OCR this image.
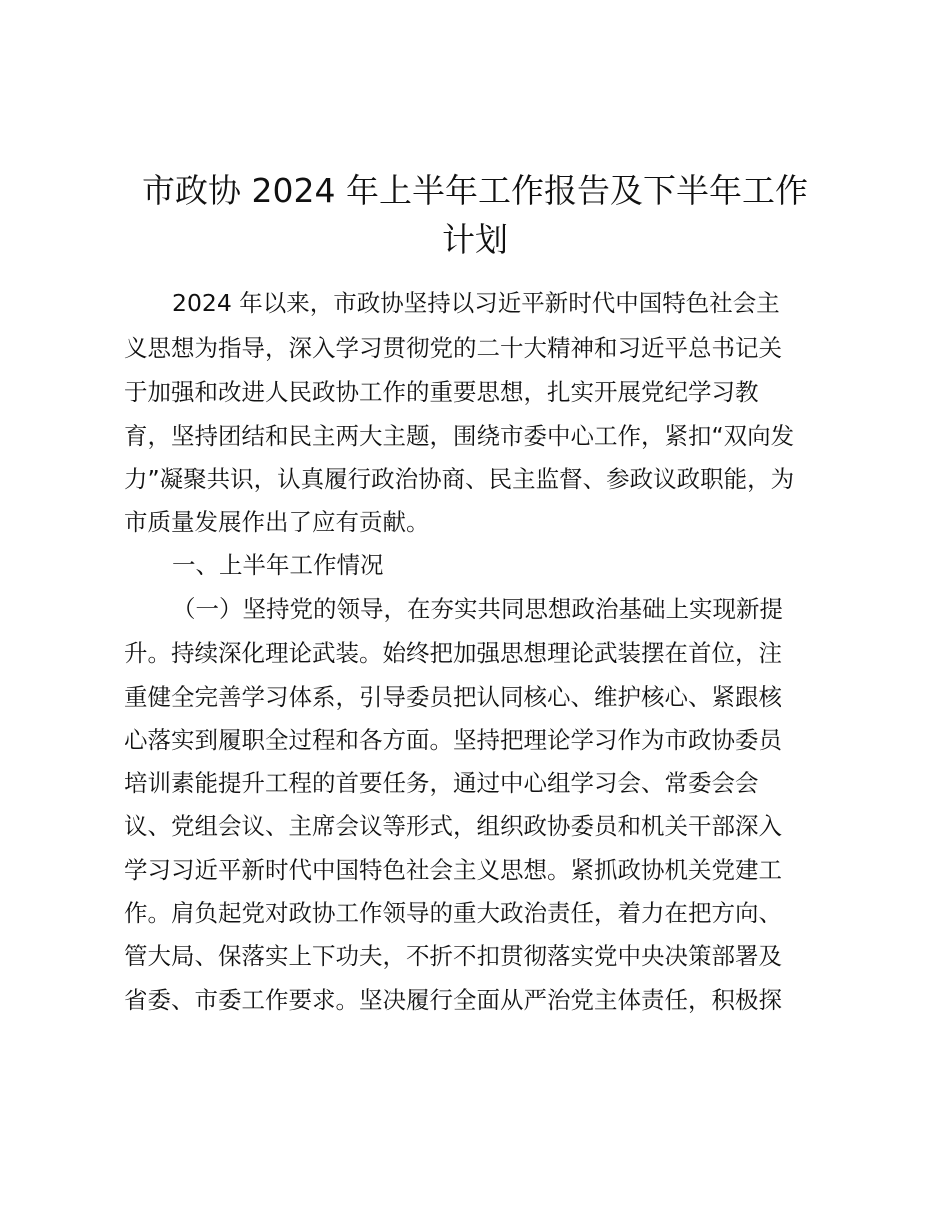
市政协 2024 年上半年工作报告及下半年工作
计划
2024 年以来，市政协坚持以习近平新时代中国特色社会主
义思想为指导，深入学习贯彻党的二十大精神和习近平总书记关
于加强和改进人民政协工作的重要思想，扎实开展党纪学习教
育，坚持团结和民主两大主题，围绕市委中心工作，紧扣“双向发
力”凝聚共识，认真履行政治协商、民主监督、参政议政职能，为
市质量发展作出了应有贡献。
一、上半年工作情况
（一）坚持党的领导，在夯实共同思想政治基础上实现新提
升。持续深化理论武装。始终把加强思想理论武装摆在首位，注
重健全完善学习体系，引导委员把认同核心、维护核心、紧跟核
心落实到履职全过程和各方面。坚持把理论学习作为市政协委员
培训素能提升工程的首要任务，通过中心组学习会、常委会会
议、党组会议、主席会议等形式，组织政协委员和机关干部深入
学习习近平新时代中国特色社会主义思想。紧抓政协机关党建工
作。肩负起党对政协工作领导的重大政治责任，着力在把方向、
管大局、保落实上下功夫，不折不扣贯彻落实党中央决策部署及
省委、市委工作要求。坚决履行全面从严治党主体责任，积极探
